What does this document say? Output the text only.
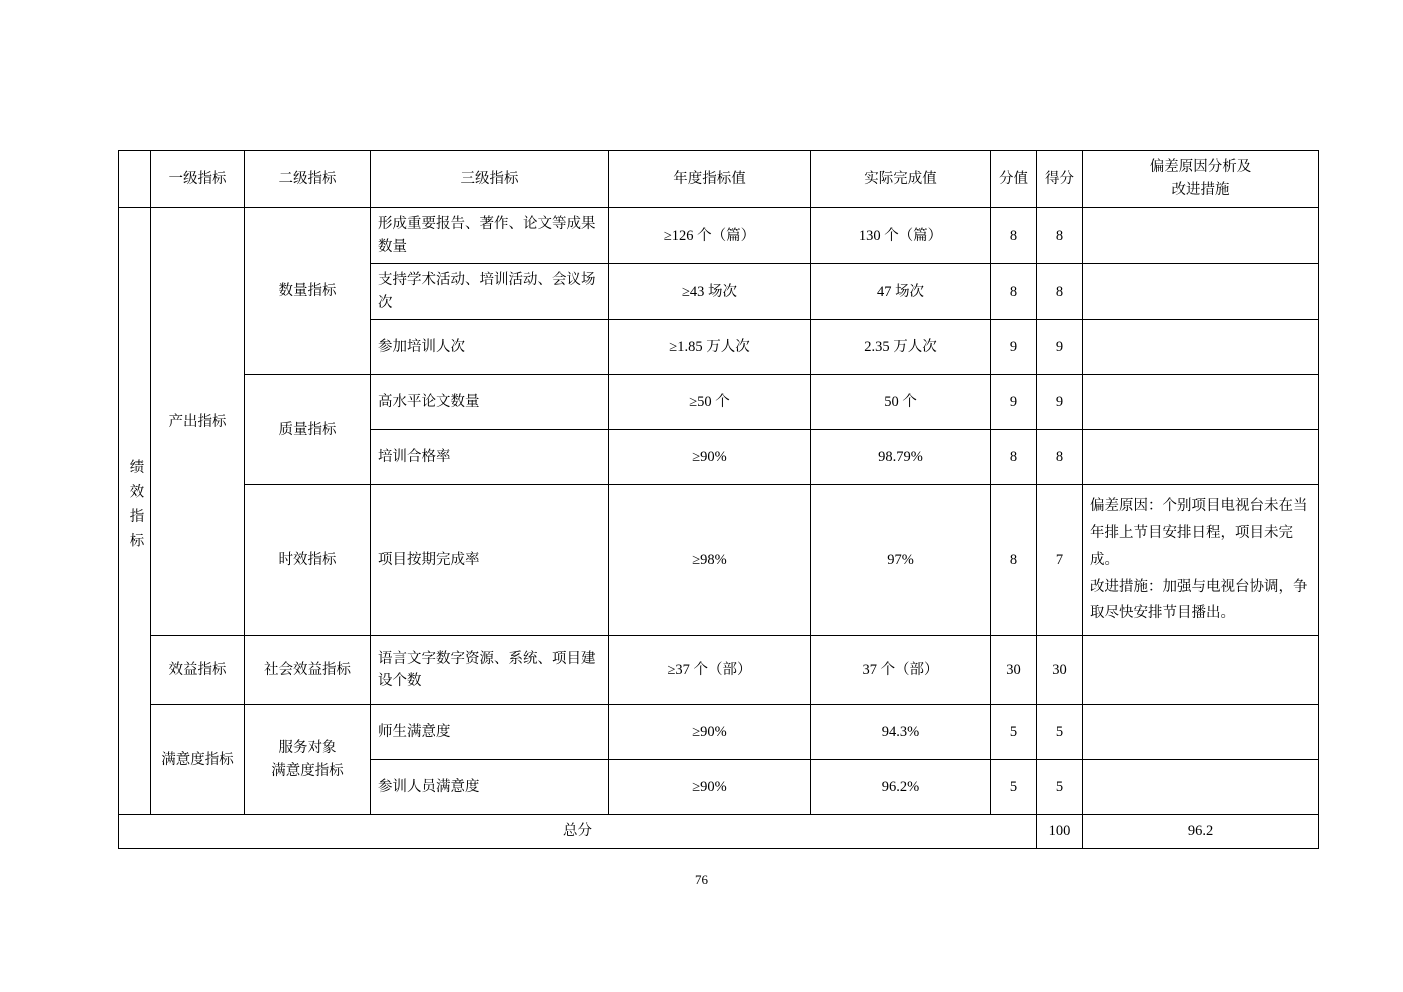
	一级指标	二级指标	三级指标	年度指标值	实际完成值	分值	得分	偏差原因分析及
改进措施

绩效指标	产出指标	数量指标	形成重要报告、著作、论文等成果数量	≥126 个（篇）	130 个（篇）	8	8	
			支持学术活动、培训活动、会议场次	≥43 场次	47 场次	8	8	
			参加培训人次	≥1.85 万人次	2.35 万人次	9	9	
		质量指标	高水平论文数量	≥50 个	50 个	9	9	
			培训合格率	≥90%	98.79%	8	8	
		时效指标	项目按期完成率	≥98%	97%	8	7	偏差原因：个别项目电视台未在当
年排上节目安排日程，项目未完
成。
改进措施：加强与电视台协调，争
取尽快安排节目播出。

	效益指标	社会效益指标	语言文字数字资源、系统、项目建设个数	≥37 个（部）	37 个（部）	30	30	
	满意度指标	服务对象
满意度指标	师生满意度	≥90%	94.3%	5	5	
			参训人员满意度	≥90%	96.2%	5	5	
总分							100	96.2
76
